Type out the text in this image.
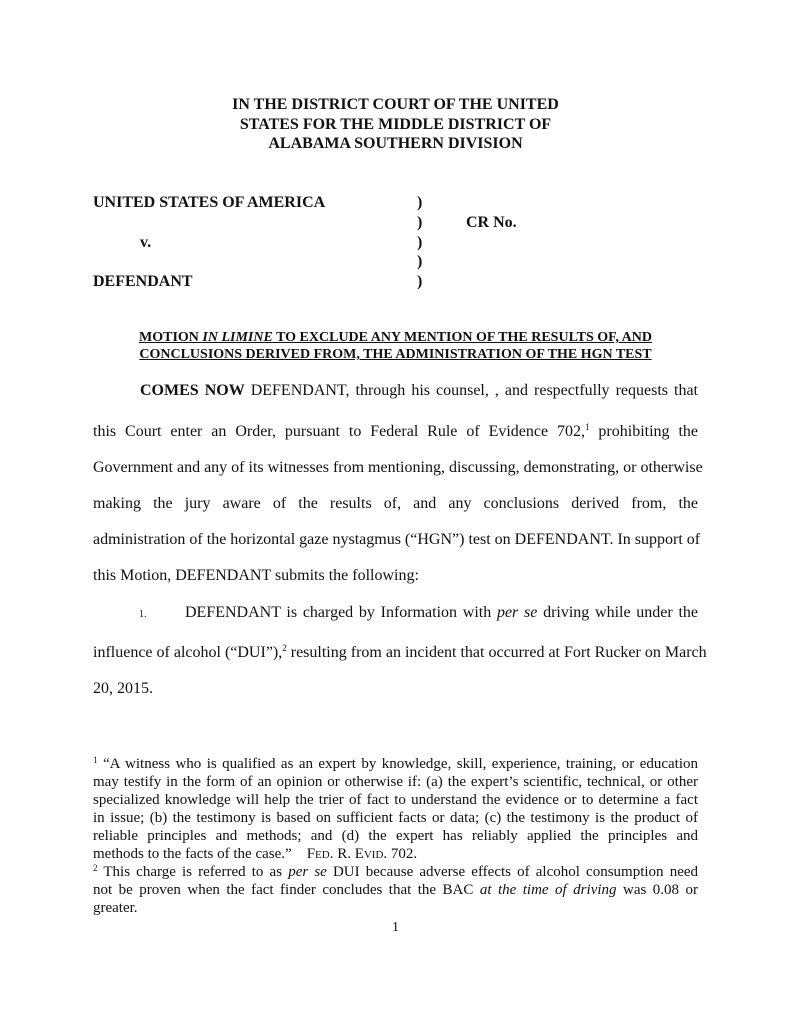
IN THE DISTRICT COURT OF THE UNITED
STATES FOR THE MIDDLE DISTRICT OF
ALABAMA SOUTHERN DIVISION
UNITED STATES OF AMERICA
v.
DEFENDANT
)
)
)
)
)
CR No.
MOTION IN LIMINE TO EXCLUDE ANY MENTION OF THE RESULTS OF, AND
CONCLUSIONS DERIVED FROM, THE ADMINISTRATION OF THE HGN TEST
COMES NOW DEFENDANT, through his counsel, , and respectfully requests that
this Court enter an Order, pursuant to Federal Rule of Evidence 702,$^1$ prohibiting the
Government and any of its witnesses from mentioning, discussing, demonstrating, or otherwise
making the jury aware of the results of, and any conclusions derived from, the
administration of the horizontal gaze nystagmus (“HGN”) test on DEFENDANT. In support of
this Motion, DEFENDANT submits the following:
1. DEFENDANT is charged by Information with per se driving while under the
influence of alcohol (“DUI”),$^2$ resulting from an incident that occurred at Fort Rucker on March
20, 2015.
$^1$ “A witness who is qualified as an expert by knowledge, skill, experience, training, or education
may testify in the form of an opinion or otherwise if: (a) the expert’s scientific, technical, or other
specialized knowledge will help the trier of fact to understand the evidence or to determine a fact
in issue; (b) the testimony is based on sufficient facts or data; (c) the testimony is the product of
reliable principles and methods; and (d) the expert has reliably applied the principles and
methods to the facts of the case.” Fed. R. Evid. 702.
$^2$ This charge is referred to as per se DUI because adverse effects of alcohol consumption need
not be proven when the fact finder concludes that the BAC at the time of driving was 0.08 or
greater.
1
